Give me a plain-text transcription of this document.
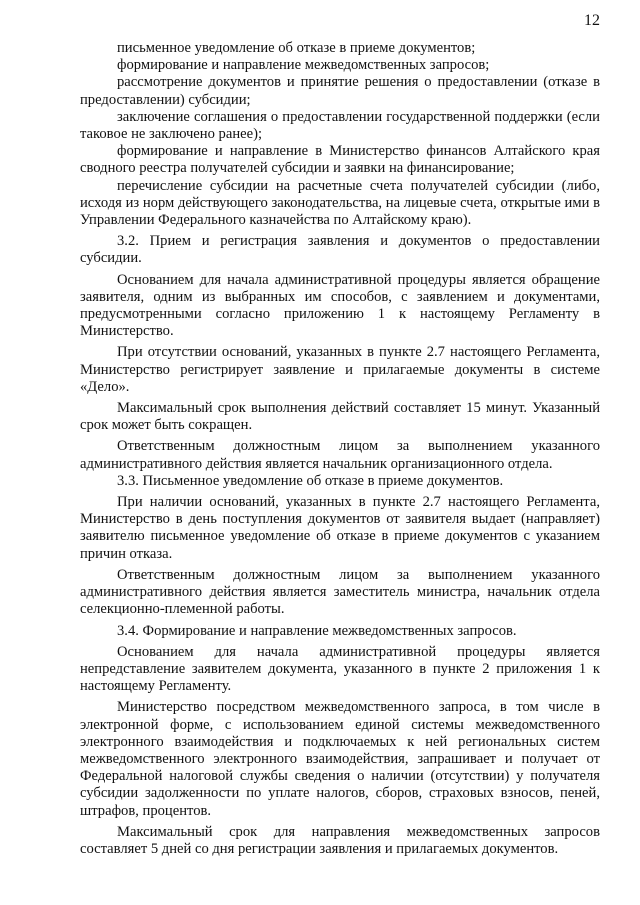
12

письменное уведомление об отказе в приеме документов;

формирование и направление межведомственных запросов;

рассмотрение документов и принятие решения о предоставлении (отказе в предоставлении) субсидии;

заключение соглашения о предоставлении государственной поддержки (если таковое не заключено ранее);

формирование и направление в Министерство финансов Алтайского края сводного реестра получателей субсидии и заявки на финансирование;

перечисление субсидии на расчетные счета получателей субсидии (либо, исходя из норм действующего законодательства, на лицевые счета, открытые ими в Управлении Федерального казначейства по Алтайскому краю).

3.2. Прием и регистрация заявления и документов о предоставлении субсидии.

Основанием для начала административной процедуры является обращение заявителя, одним из выбранных им способов, с заявлением и документами, предусмотренными согласно приложению 1 к настоящему Регламенту в Министерство.

При отсутствии оснований, указанных в пункте 2.7 настоящего Регламента, Министерство регистрирует заявление и прилагаемые документы в системе «Дело».

Максимальный срок выполнения действий составляет 15 минут. Указанный срок может быть сокращен.

Ответственным должностным лицом за выполнением указанного административного действия является начальник организационного отдела.

3.3. Письменное уведомление об отказе в приеме документов.

При наличии оснований, указанных в пункте 2.7 настоящего Регламента, Министерство в день поступления документов от заявителя выдает (направляет) заявителю письменное уведомление об отказе в приеме документов с указанием причин отказа.

Ответственным должностным лицом за выполнением указанного административного действия является заместитель министра, начальник отдела селекционно-племенной работы.

3.4. Формирование и направление межведомственных запросов.

Основанием для начала административной процедуры является непредставление заявителем документа, указанного в пункте 2 приложения 1 к настоящему Регламенту.

Министерство посредством межведомственного запроса, в том числе в электронной форме, с использованием единой системы межведомственного электронного взаимодействия и подключаемых к ней региональных систем межведомственного электронного взаимодействия, запрашивает и получает от Федеральной налоговой службы сведения о наличии (отсутствии) у получателя субсидии задолженности по уплате налогов, сборов, страховых взносов, пеней, штрафов, процентов.

Максимальный срок для направления межведомственных запросов составляет 5 дней со дня регистрации заявления и прилагаемых документов.
